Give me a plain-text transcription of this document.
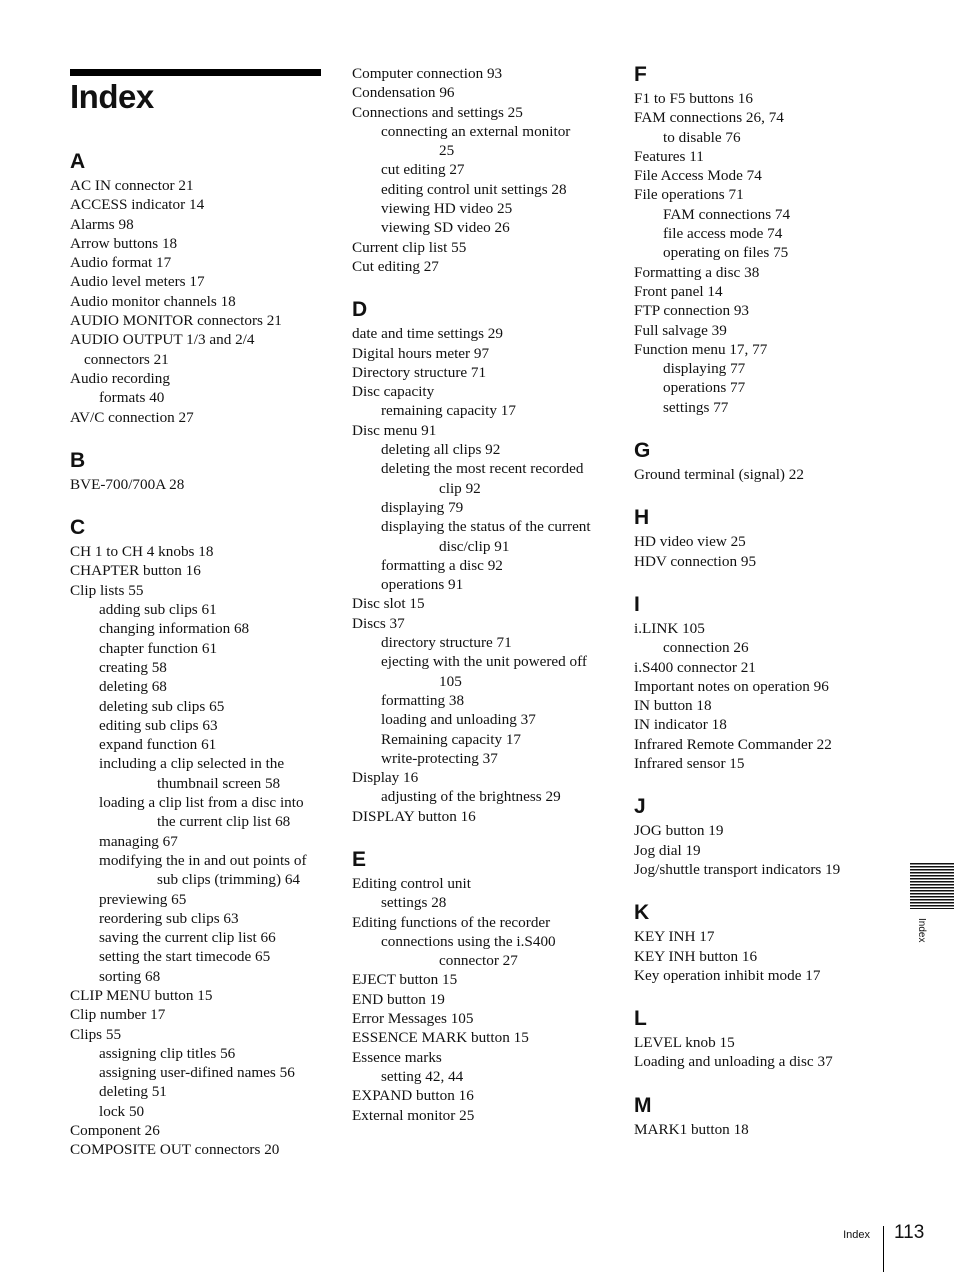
Index
A
AC IN connector 21
ACCESS indicator 14
Alarms 98
Arrow buttons 18
Audio format 17
Audio level meters 17
Audio monitor channels 18
AUDIO MONITOR connectors 21
AUDIO OUTPUT 1/3 and 2/4
connectors 21
Audio recording
formats 40
AV/C connection 27
B
BVE-700/700A 28
C
CH 1 to CH 4 knobs 18
CHAPTER button 16
Clip lists 55
adding sub clips 61
changing information 68
chapter function 61
creating 58
deleting 68
deleting sub clips 65
editing sub clips 63
expand function 61
including a clip selected in the
thumbnail screen 58
loading a clip list from a disc into
the current clip list 68
managing 67
modifying the in and out points of
sub clips (trimming) 64
previewing 65
reordering sub clips 63
saving the current clip list 66
setting the start timecode 65
sorting 68
CLIP MENU button 15
Clip number 17
Clips 55
assigning clip titles 56
assigning user-difined names 56
deleting 51
lock 50
Component 26
COMPOSITE OUT connectors 20
Computer connection 93
Condensation 96
Connections and settings 25
connecting an external monitor
25
cut editing 27
editing control unit settings 28
viewing HD video 25
viewing SD video 26
Current clip list 55
Cut editing 27
D
date and time settings 29
Digital hours meter 97
Directory structure 71
Disc capacity
remaining capacity 17
Disc menu 91
deleting all clips 92
deleting the most recent recorded
clip 92
displaying 79
displaying the status of the current
disc/clip 91
formatting a disc 92
operations 91
Disc slot 15
Discs 37
directory structure 71
ejecting with the unit powered off
105
formatting 38
loading and unloading 37
Remaining capacity 17
write-protecting 37
Display 16
adjusting of the brightness 29
DISPLAY button 16
E
Editing control unit
settings 28
Editing functions of the recorder
connections using the i.S400
connector 27
EJECT button 15
END button 19
Error Messages 105
ESSENCE MARK button 15
Essence marks
setting 42, 44
EXPAND button 16
External monitor 25
F
F1 to F5 buttons 16
FAM connections 26, 74
to disable 76
Features 11
File Access Mode 74
File operations 71
FAM connections 74
file access mode 74
operating on files 75
Formatting a disc 38
Front panel 14
FTP connection 93
Full salvage 39
Function menu 17, 77
displaying 77
operations 77
settings 77
G
Ground terminal (signal) 22
H
HD video view 25
HDV connection 95
I
i.LINK 105
connection 26
i.S400 connector 21
Important notes on operation 96
IN button 18
IN indicator 18
Infrared Remote Commander 22
Infrared sensor 15
J
JOG button 19
Jog dial 19
Jog/shuttle transport indicators 19
K
KEY INH 17
KEY INH button 16
Key operation inhibit mode 17
L
LEVEL knob 15
Loading and unloading a disc 37
M
MARK1 button 18
Index
Index 113
